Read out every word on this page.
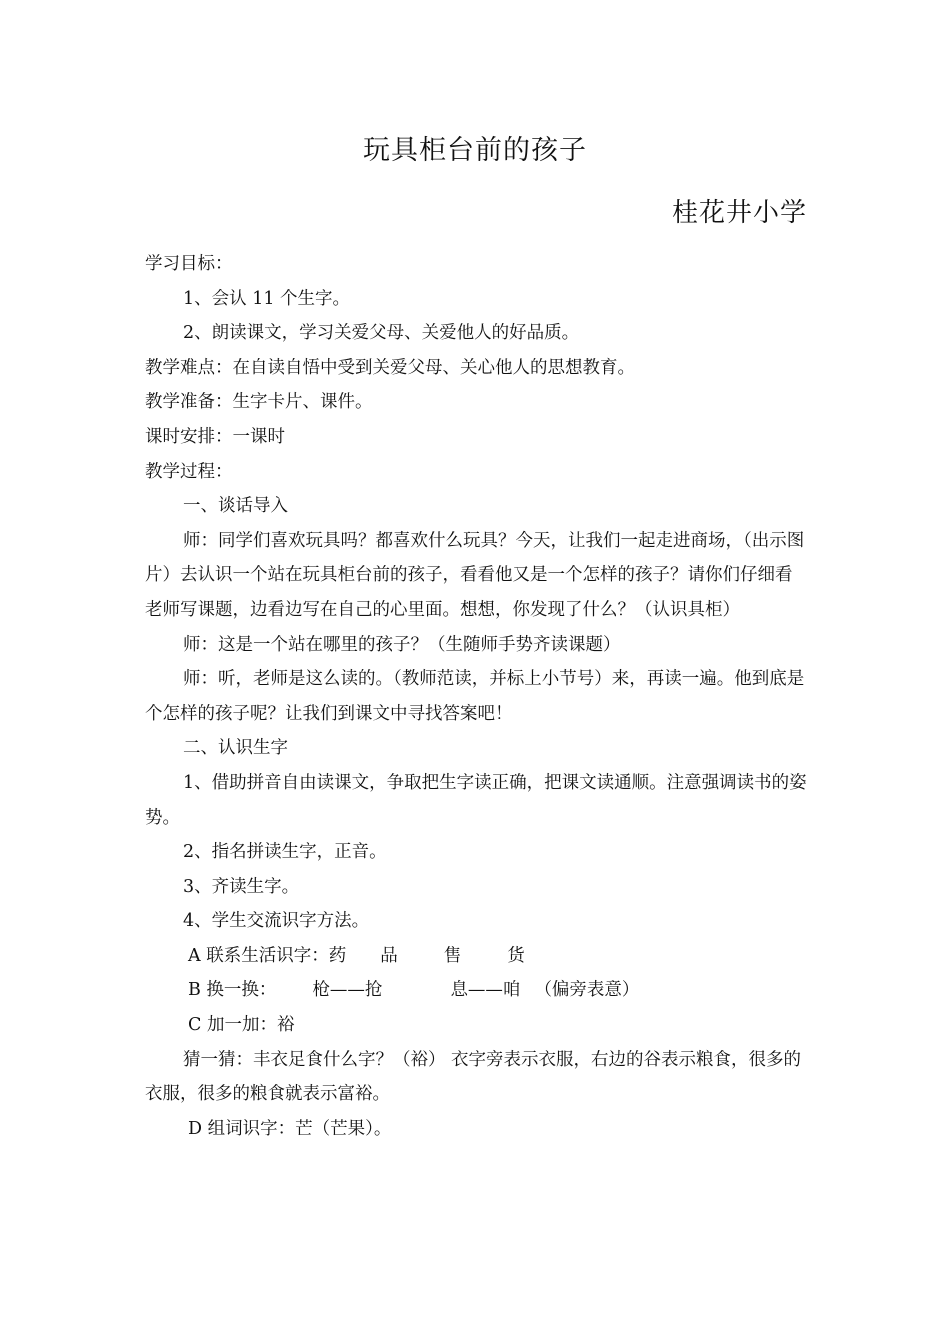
玩具柜台前的孩子
桂花井小学

学习目标：

1、会认 11 个生字。

2、朗读课文，学习关爱父母、关爱他人的好品质。

教学难点：在自读自悟中受到关爱父母、关心他人的思想教育。

教学准备：生字卡片、课件。

课时安排：一课时

教学过程：

一、谈话导入

师：同学们喜欢玩具吗？都喜欢什么玩具？今天，让我们一起走进商场，（出示图片）去认识一个站在玩具柜台前的孩子，看看他又是一个怎样的孩子？请你们仔细看老师写课题，边看边写在自己的心里面。想想，你发现了什么？（认识具柜）

师：这是一个站在哪里的孩子？（生随师手势齐读课题）

师：听，老师是这么读的。（教师范读，并标上小节号）来，再读一遍。他到底是个怎样的孩子呢？让我们到课文中寻找答案吧！

二、认识生字

1、借助拼音自由读课文，争取把生字读正确，把课文读通顺。注意强调读书的姿势。

2、指名拼读生字，正音。

3、齐读生字。

4、学生交流识字方法。

A 联系生活识字：药 品	售	货

B 换一换： 枪——抢	息——咱 （偏旁表意）

C 加一加：裕

猜一猜：丰衣足食什么字？（裕） 衣字旁表示衣服，右边的谷表示粮食，很多的衣服，很多的粮食就表示富裕。

D 组词识字：芒（芒果）。
